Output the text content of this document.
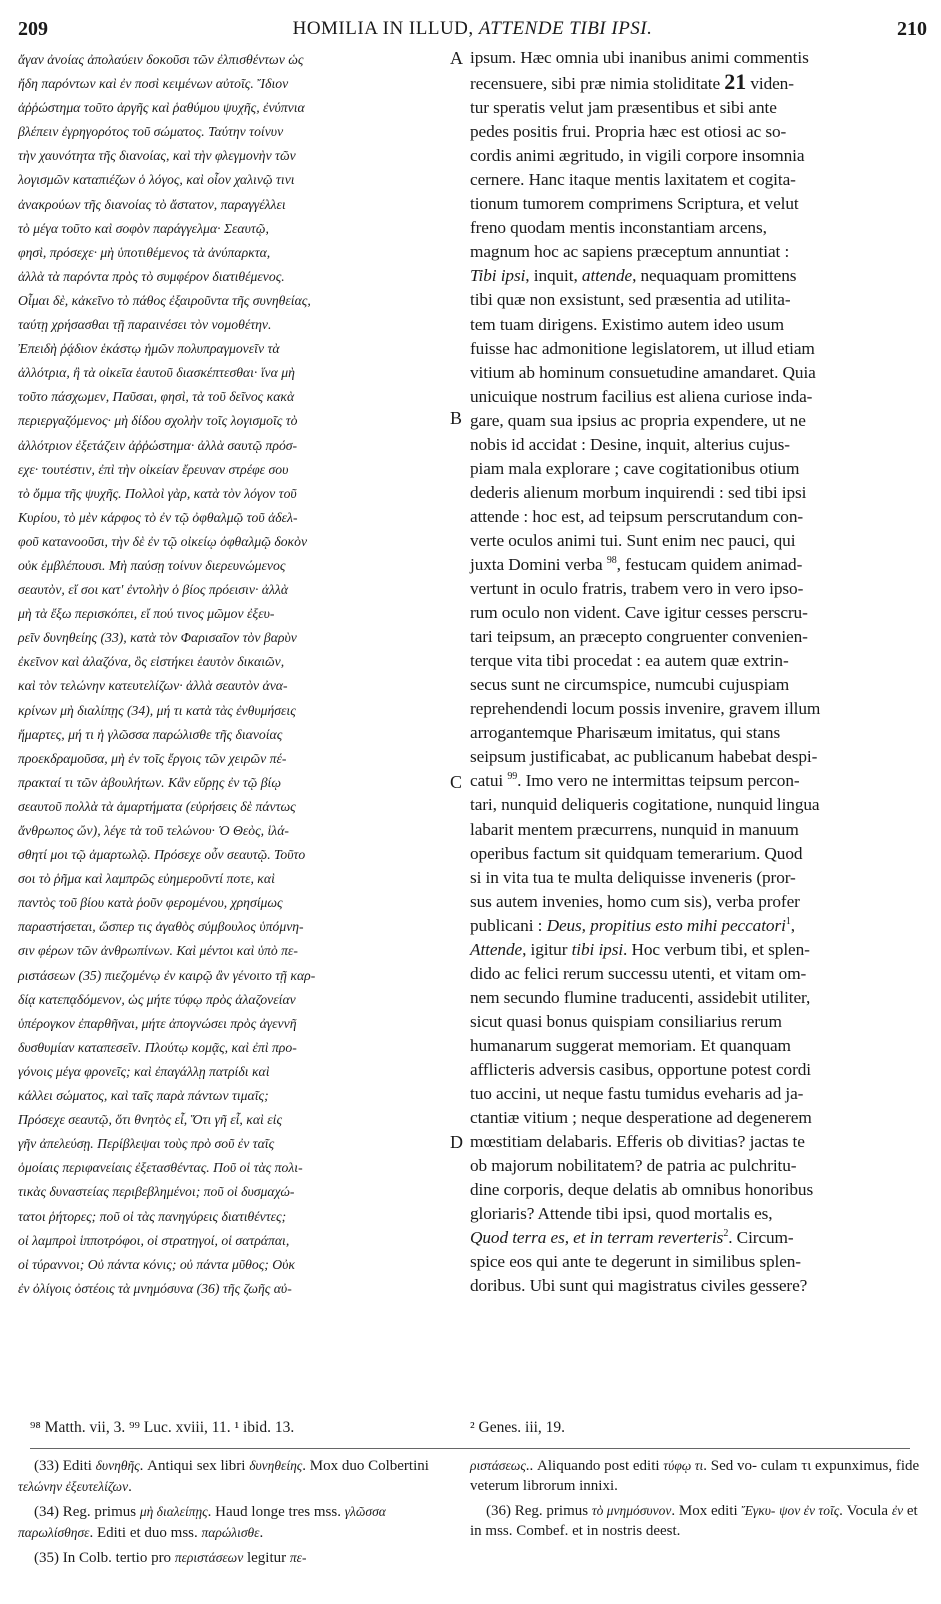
209	HOMILIA IN ILLUD, ATTENDE TIBI IPSI.	210
ἄγαν ἀνοίας ἀπολαύειν δοκοῦσι τῶν ἐλπισθέντων ὡς
ἤδη παρόντων καὶ ἐν ποσὶ κειμένων αὐτοῖς. Ἴδιον
ἀῤῥώστημα τοῦτο ἀργῆς καὶ ῥαθύμου ψυχῆς, ἐνύπνια
βλέπειν ἐγρηγορότος τοῦ σώματος. Ταύτην τοίνυν
τὴν χαυνότητα τῆς διανοίας, καὶ τὴν φλεγμονὴν τῶν
λογισμῶν καταπιέζων ὁ λόγος, καὶ οἷον χαλινῷ τινι
ἀνακρούων τῆς διανοίας τὸ ἄστατον, παραγγέλλει
τὸ μέγα τοῦτο καὶ σοφὸν παράγγελμα· Σεαυτῷ,
φησὶ, πρόσεχε· μὴ ὑποτιθέμενος τὰ ἀνύπαρκτα,
ἀλλὰ τὰ παρόντα πρὸς τὸ συμφέρον διατιθέμενος.
Οἶμαι δὲ, κἀκεῖνο τὸ πάθος ἐξαιροῦντα τῆς συνηθείας,
ταύτῃ χρήσασθαι τῇ παραινέσει τὸν νομοθέτην.
Ἐπειδὴ ῥᾴδιον ἑκάστῳ ἡμῶν πολυπραγμονεῖν τὰ
ἀλλότρια, ἢ τὰ οἰκεῖα ἑαυτοῦ διασκέπτεσθαι· ἵνα μὴ
τοῦτο πάσχωμεν, Παῦσαι, φησὶ, τὰ τοῦ δεῖνος κακὰ
περιεργαζόμενος· μὴ δίδου σχολὴν τοῖς λογισμοῖς τὸ
ἀλλότριον ἐξετάζειν ἀῤῥώστημα· ἀλλὰ σαυτῷ πρόσ-
εχε· τουτέστιν, ἐπὶ τὴν οἰκείαν ἔρευναν στρέφε σου
τὸ ὄμμα τῆς ψυχῆς. Πολλοὶ γὰρ, κατὰ τὸν λόγον τοῦ
Κυρίου, τὸ μὲν κάρφος τὸ ἐν τῷ ὀφθαλμῷ τοῦ ἀδελ-
φοῦ κατανοοῦσι, τὴν δὲ ἐν τῷ οἰκείῳ ὀφθαλμῷ δοκὸν
οὐκ ἐμβλέπουσι. Μὴ παύσῃ τοίνυν διερευνώμενος
σεαυτὸν, εἴ σοι κατ' ἐντολὴν ὁ βίος πρόεισιν· ἀλλὰ
μὴ τὰ ἔξω περισκόπει, εἴ πού τινος μῶμον ἐξευ-
ρεῖν δυνηθείης (33), κατὰ τὸν Φαρισαῖον τὸν βαρὺν
ἐκεῖνον καὶ ἀλαζόνα, ὃς εἱστήκει ἑαυτὸν δικαιῶν,
καὶ τὸν τελώνην κατευτελίζων· ἀλλὰ σεαυτὸν ἀνα-
κρίνων μὴ διαλίπῃς (34), μή τι κατὰ τὰς ἐνθυμήσεις
ἥμαρτες, μή τι ἡ γλῶσσα παρώλισθε τῆς διανοίας
προεκδραμοῦσα, μὴ ἐν τοῖς ἔργοις τῶν χειρῶν πέ-
πρακταί τι τῶν ἀβουλήτων. Κἂν εὕρῃς ἐν τῷ βίῳ
σεαυτοῦ πολλὰ τὰ ἁμαρτήματα (εὑρήσεις δὲ πάντως
ἄνθρωπος ὤν), λέγε τὰ τοῦ τελώνου· Ὁ Θεὸς, ἱλά-
σθητί μοι τῷ ἁμαρτωλῷ. Πρόσεχε οὖν σεαυτῷ. Τοῦτο
σοι τὸ ῥῆμα καὶ λαμπρῶς εὐημεροῦντί ποτε, καὶ
παντὸς τοῦ βίου κατὰ ῥοῦν φερομένου, χρησίμως
παραστήσεται, ὥσπερ τις ἀγαθὸς σύμβουλος ὑπόμνη-
σιν φέρων τῶν ἀνθρωπίνων. Καὶ μέντοι καὶ ὑπὸ πε-
ριστάσεων (35) πιεζομένῳ ἐν καιρῷ ἂν γένοιτο τῇ καρ-
δίᾳ κατεπᾳδόμενον, ὡς μήτε τύφῳ πρὸς ἀλαζονείαν
ὑπέρογκον ἐπαρθῆναι, μήτε ἀπογνώσει πρὸς ἀγεννῆ
δυσθυμίαν καταπεσεῖν. Πλούτῳ κομᾷς, καὶ ἐπὶ προ-
γόνοις μέγα φρονεῖς; καὶ ἐπαγάλλῃ πατρίδι καὶ
κάλλει σώματος, καὶ ταῖς παρὰ πάντων τιμαῖς;
Πρόσεχε σεαυτῷ, ὅτι θνητὸς εἶ, Ὅτι γῆ εἶ, καὶ εἰς
γῆν ἀπελεύσῃ. Περίβλεψαι τοὺς πρὸ σοῦ ἐν ταῖς
ὁμοίαις περιφανείαις ἐξετασθέντας. Ποῦ οἱ τὰς πολι-
τικὰς δυναστείας περιβεβλημένοι; ποῦ οἱ δυσμαχώ-
τατοι ῥήτορες; ποῦ οἱ τὰς πανηγύρεις διατιθέντες;
οἱ λαμπροὶ ἱπποτρόφοι, οἱ στρατηγοί, οἱ σατράπαι,
οἱ τύραννοι; Οὐ πάντα κόνις; οὐ πάντα μῦθος; Οὐκ
ἐν ὀλίγοις ὀστέοις τὰ μνημόσυνα (36) τῆς ζωῆς αὐ-
ipsum. Hæc omnia ubi inanibus animi commentis
recensuere, sibi præ nimia stoliditate 21 viden-
tur speratis velut jam præsentibus et sibi ante
pedes positis frui. Propria hæc est otiosi ac so-
cordis animi ægritudo, in vigili corpore insomnia
cernere. Hanc itaque mentis laxitatem et cogita-
tionum tumorem comprimens Scriptura, et velut
freno quodam mentis inconstantiam arcens,
magnum hoc ac sapiens præceptum annuntiat :
Tibi ipsi, inquit, attende, nequaquam promittens
tibi quæ non exsistunt, sed præsentia ad utilita-
tem tuam dirigens. Existimo autem ideo usum
fuisse hac admonitione legislatorem, ut illud etiam
vitium ab hominum consuetudine amandaret. Quia
unicuique nostrum facilius est aliena curiose inda-
gare, quam sua ipsius ac propria expendere, ut ne
nobis id accidat : Desine, inquit, alterius cujus-
piam mala explorare ; cave cogitationibus otium
dederis alienum morbum inquirendi : sed tibi ipsi
attende : hoc est, ad teipsum perscrutandum con-
verte oculos animi tui. Sunt enim nec pauci, qui
juxta Domini verba $^{98}$, festucam quidem animad-
vertunt in oculo fratris, trabem vero in vero ipso-
rum oculo non vident. Cave igitur cesses perscru-
tari teipsum, an præcepto congruenter convenien-
terque vita tibi procedat : ea autem quæ extrin-
secus sunt ne circumspice, numcubi cujuspiam
reprehendendi locum possis invenire, gravem illum
arrogantemque Pharisæum imitatus, qui stans
seipsum justificabat, ac publicanum habebat despi-
catui $^{99}$. Imo vero ne intermittas teipsum percon-
tari, nunquid deliqueris cogitatione, nunquid lingua
labarit mentem præcurrens, nunquid in manuum
operibus factum sit quidquam temerarium. Quod
si in vita tua te multa deliquisse inveneris (pror-
sus autem invenies, homo cum sis), verba profer
publicani : Deus, propitius esto mihi peccatori$^1$,
Attende, igitur tibi ipsi. Hoc verbum tibi, et splen-
dido ac felici rerum successu utenti, et vitam om-
nem secundo flumine traducenti, assidebit utiliter,
sicut quasi bonus quispiam consiliarius rerum
humanarum suggerat memoriam. Et quanquam
afflicteris adversis casibus, opportune potest cordi
tuo accini, ut neque fastu tumidus eveharis ad ja-
ctantiæ vitium ; neque desperatione ad degenerem
mœstitiam delabaris. Efferis ob divitias? jactas te
ob majorum nobilitatem? de patria ac pulchritu-
dine corporis, deque delatis ab omnibus honoribus
gloriaris? Attende tibi ipsi, quod mortalis es,
Quod terra es, et in terram reverteris$^2$. Circum-
spice eos qui ante te degerunt in similibus splen-
doribus. Ubi sunt qui magistratus civiles gessere?
A
B
C
D
⁹⁸ Matth. vii, 3. ⁹⁹ Luc. xviii, 11. ¹ ibid. 13.	² Genes. iii, 19.

(33) Editi δυνηθῆς. Antiqui sex libri δυνηθείης. Mox duo Colbertini τελώνην ἐξευτελίζων.

(34) Reg. primus μὴ διαλείπῃς. Haud longe tres mss. γλῶσσα παρωλίσθησε. Editi et duo mss. παρώλισθε.

(35) In Colb. tertio pro περιστάσεων legitur πε-

ριστάσεως.. Aliquando post editi τύφῳ τι. Sed vo- culam τι expunximus, fide veterum librorum innixi.

(36) Reg. primus τὸ μνημόσυνον. Mox editi Ἔγκυ- ψον ἐν τοῖς. Vocula ἐν et in mss. Combef. et in nostris deest.
